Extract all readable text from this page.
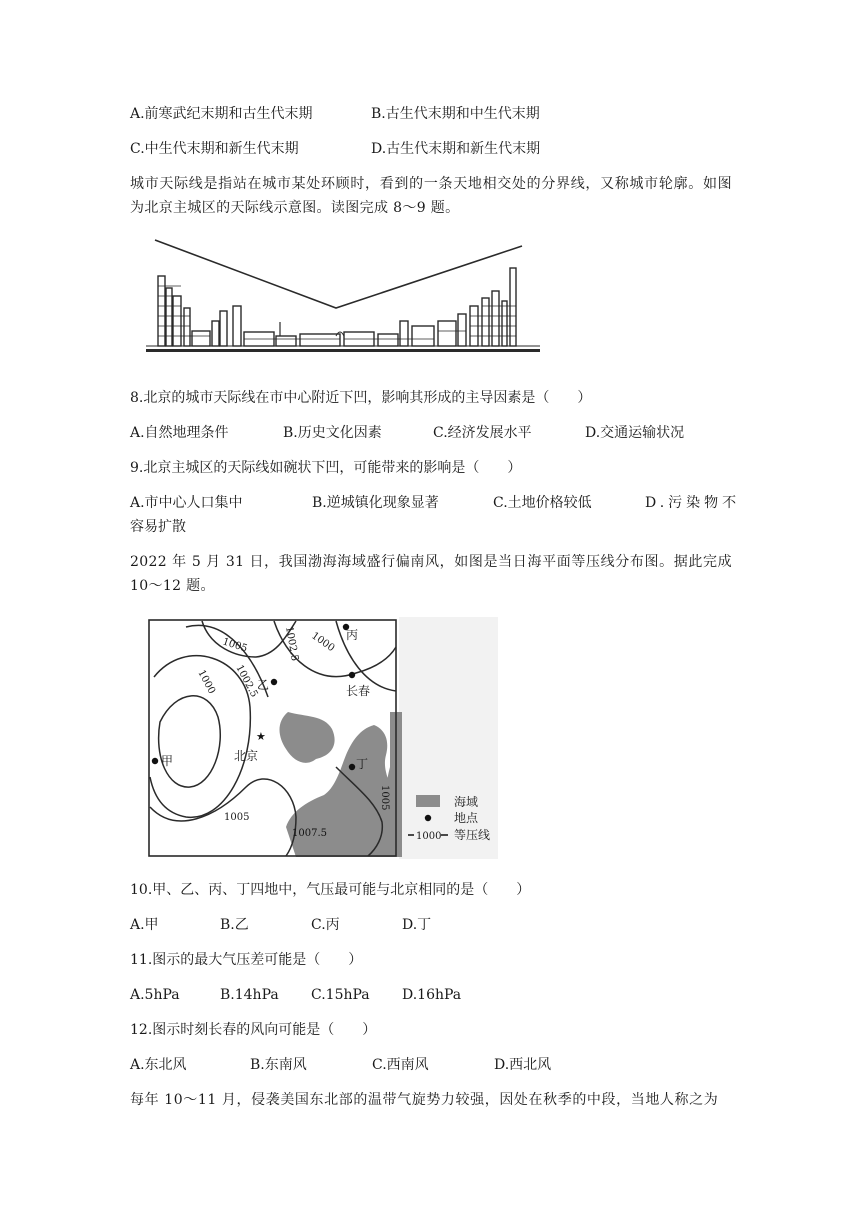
A.前寒武纪末期和古生代末期	B.古生代末期和中生代末期
C.中生代末期和新生代末期	D.古生代末期和新生代末期
城市天际线是指站在城市某处环顾时，看到的一条天地相交处的分界线，又称城市轮廓。如图为北京主城区的天际线示意图。读图完成 8～9 题。
8.北京的城市天际线在市中心附近下凹，影响其形成的主导因素是（　　）
A.自然地理条件	B.历史文化因素	C.经济发展水平	D.交通运输状况
9.北京主城区的天际线如碗状下凹，可能带来的影响是（　　）
A.市中心人口集中	B.逆城镇化现象显著	C.土地价格较低	D.污染物不
容易扩散
2022 年 5 月 31 日，我国渤海海域盛行偏南风，如图是当日海平面等压线分布图。据此完成10～12 题。
1005
1002.5
1000
1000
1002.5
1005
1005
1007.5
★
甲
乙
丙
丁
北京
长春
海域
地点
1000 等压线
10.甲、乙、丙、丁四地中，气压最可能与北京相同的是（　　）
A.甲	B.乙	C.丙	D.丁
11.图示的最大气压差可能是（　　）
A.5hPa	B.14hPa C.15hPa D.16hPa
12.图示时刻长春的风向可能是（　　）
A.东北风	B.东南风	C.西南风	D.西北风
每年 10～11 月，侵袭美国东北部的温带气旋势力较强，因处在秋季的中段，当地人称之为
